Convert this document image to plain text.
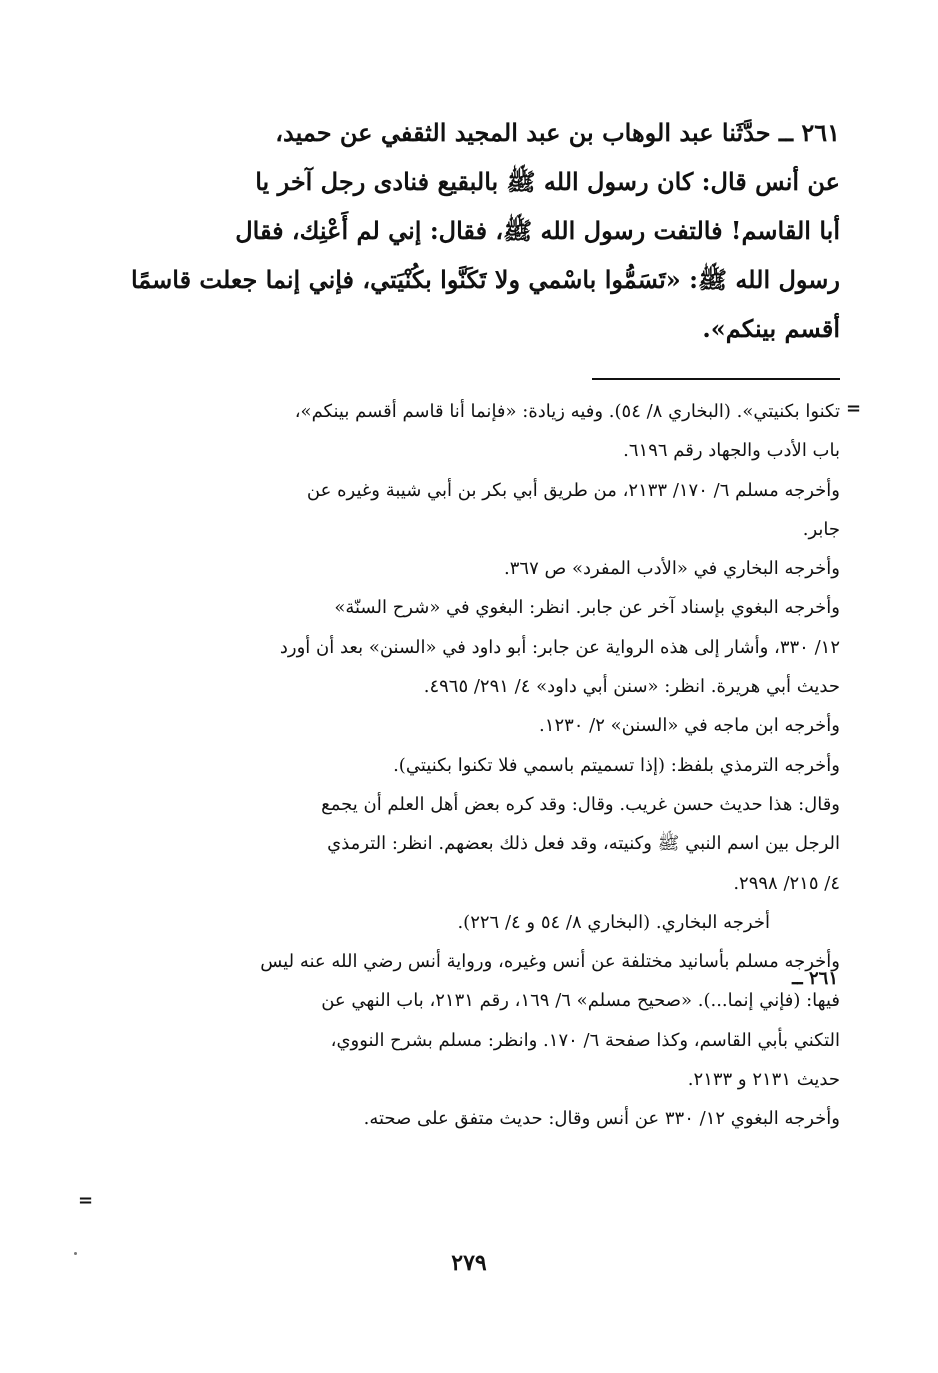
٢٦١ ــ حدَّثَنا عبد الوهاب بن عبد المجيد الثقفي عن حميد،
عن أنس قال: كان رسول الله ﷺ بالبقيع فنادى رجل آخر يا
أبا القاسم! فالتفت رسول الله ﷺ، فقال: إني لم أَعْنِك، فقال
رسول الله ﷺ: «تَسَمُّوا باسْمي ولا تَكَنَّوا بكُنْيَتي، فإني إنما جعلت قاسمًا
أقسم بينكم».
=
تكنوا بكنيتي». (البخاري ٨/ ٥٤). وفيه زيادة: «فإنما أنا قاسم أقسم بينكم»،
باب الأدب والجهاد رقم ٦١٩٦.
وأخرجه مسلم ٦/ ١٧٠/ ٢١٣٣، من طريق أبي بكر بن أبي شيبة وغيره عن
جابر.
وأخرجه البخاري في «الأدب المفرد» ص ٣٦٧.
وأخرجه البغوي بإسناد آخر عن جابر. انظر: البغوي في «شرح السنّة»
١٢/ ٣٣٠، وأشار إلى هذه الرواية عن جابر: أبو داود في «السنن» بعد أن أورد
حديث أبي هريرة. انظر: «سنن أبي داود» ٤/ ٢٩١/ ٤٩٦٥.
وأخرجه ابن ماجه في «السنن» ٢/ ١٢٣٠.
وأخرجه الترمذي بلفظ: (إذا تسميتم باسمي فلا تكنوا بكنيتي).
وقال: هذا حديث حسن غريب. وقال: وقد كره بعض أهل العلم أن يجمع
الرجل بين اسم النبي ﷺ وكنيته، وقد فعل ذلك بعضهم. انظر: الترمذي
٤/ ٢١٥/ ٢٩٩٨.
أخرجه البخاري. (البخاري ٨/ ٥٤ و ٤/ ٢٢٦).
وأخرجه مسلم بأسانيد مختلفة عن أنس وغيره، ورواية أنس رضي الله عنه ليس
فيها: (فإني إنما...). «صحيح مسلم» ٦/ ١٦٩، رقم ٢١٣١، باب النهي عن
التكني بأبي القاسم، وكذا صفحة ٦/ ١٧٠. وانظر: مسلم بشرح النووي،
حديث ٢١٣١ و ٢١٣٣.
وأخرجه البغوي ١٢/ ٣٣٠ عن أنس وقال: حديث متفق على صحته.
٢٦١ ــ
=
٢٧٩
